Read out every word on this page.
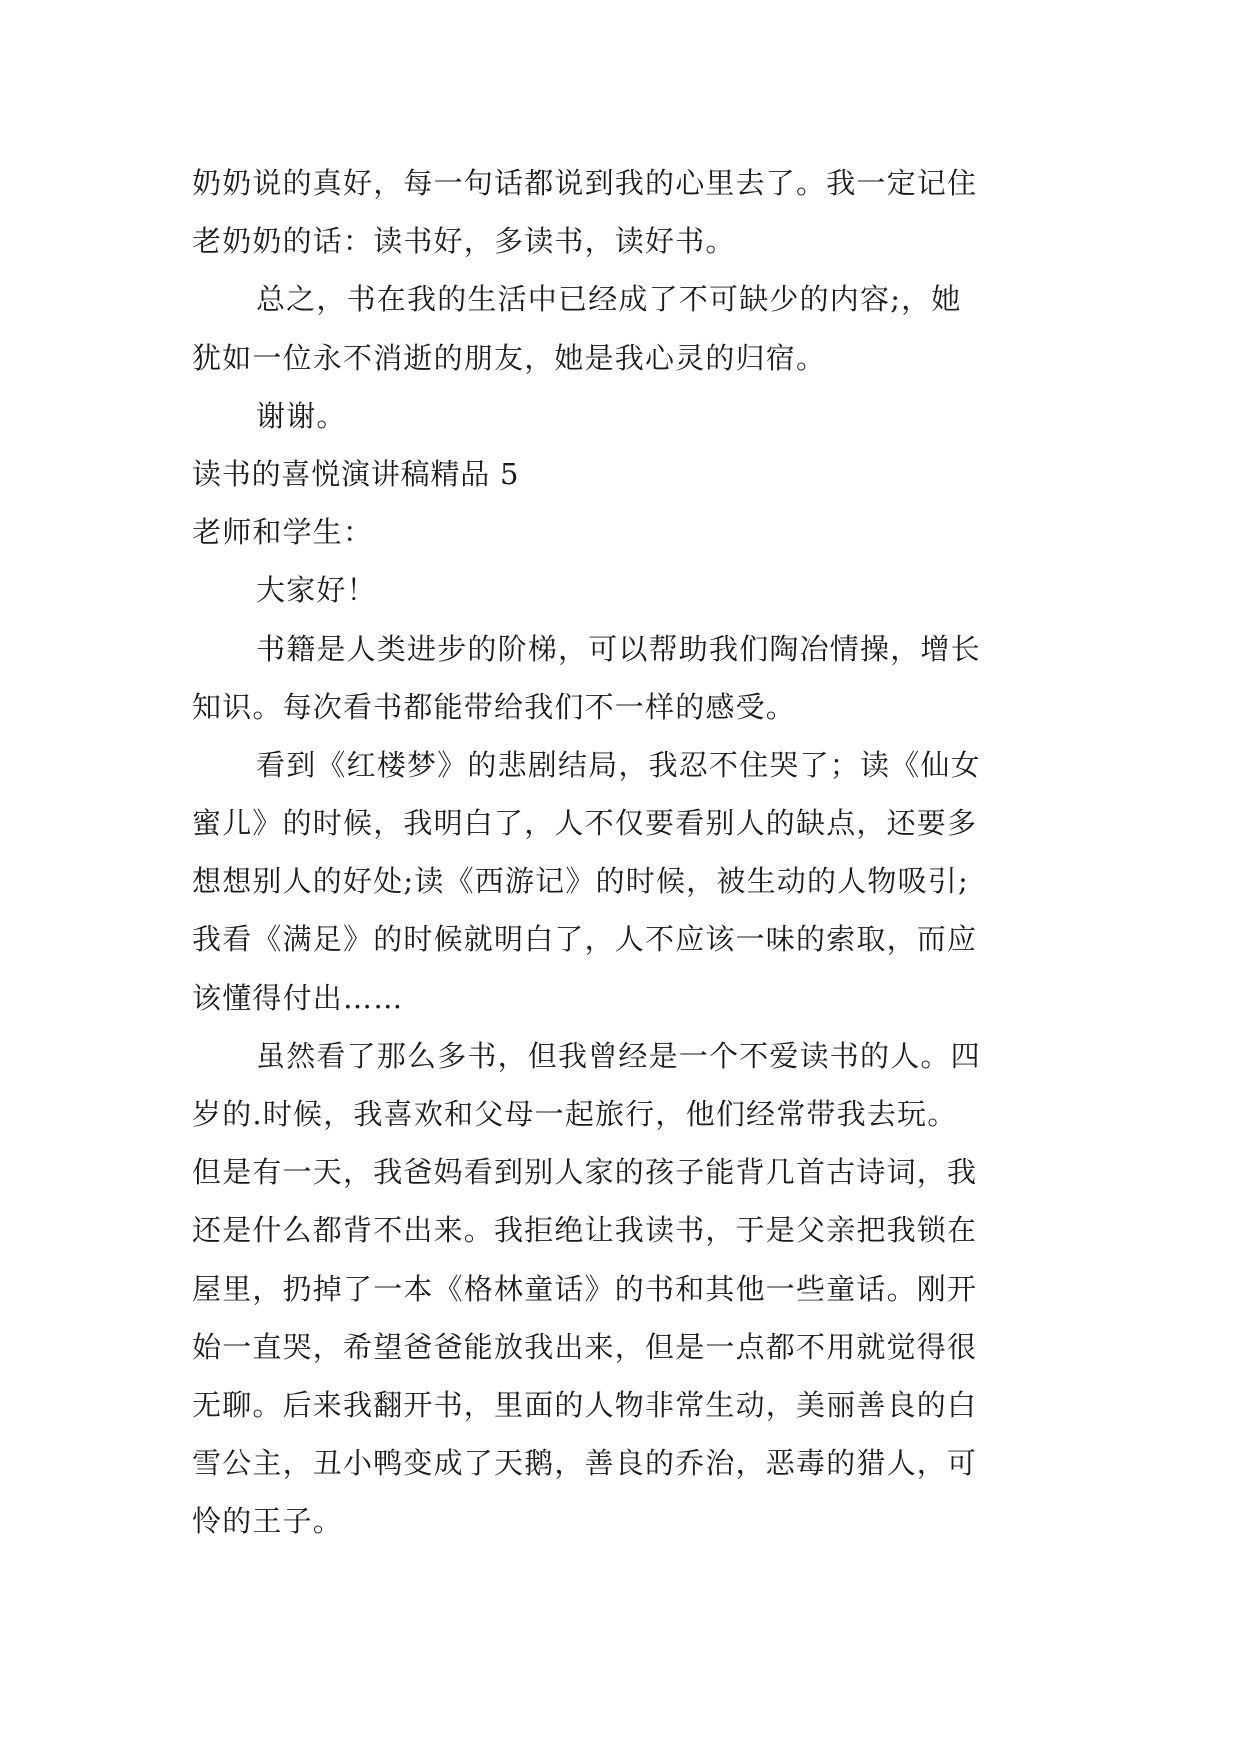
奶奶说的真好，每一句话都说到我的心里去了。我一定记住
老奶奶的话：读书好，多读书，读好书。
总之，书在我的生活中已经成了不可缺少的内容;，她
犹如一位永不消逝的朋友，她是我心灵的归宿。
谢谢。
读书的喜悦演讲稿精品 5
老师和学生：
大家好！
书籍是人类进步的阶梯，可以帮助我们陶冶情操，增长
知识。每次看书都能带给我们不一样的感受。
看到《红楼梦》的悲剧结局，我忍不住哭了；读《仙女
蜜儿》的时候，我明白了，人不仅要看别人的缺点，还要多
想想别人的好处;读《西游记》的时候，被生动的人物吸引;
我看《满足》的时候就明白了，人不应该一味的索取，而应
该懂得付出……
虽然看了那么多书，但我曾经是一个不爱读书的人。四
岁的.时候，我喜欢和父母一起旅行，他们经常带我去玩。
但是有一天，我爸妈看到别人家的孩子能背几首古诗词，我
还是什么都背不出来。我拒绝让我读书，于是父亲把我锁在
屋里，扔掉了一本《格林童话》的书和其他一些童话。刚开
始一直哭，希望爸爸能放我出来，但是一点都不用就觉得很
无聊。后来我翻开书，里面的人物非常生动，美丽善良的白
雪公主，丑小鸭变成了天鹅，善良的乔治，恶毒的猎人，可
怜的王子。
